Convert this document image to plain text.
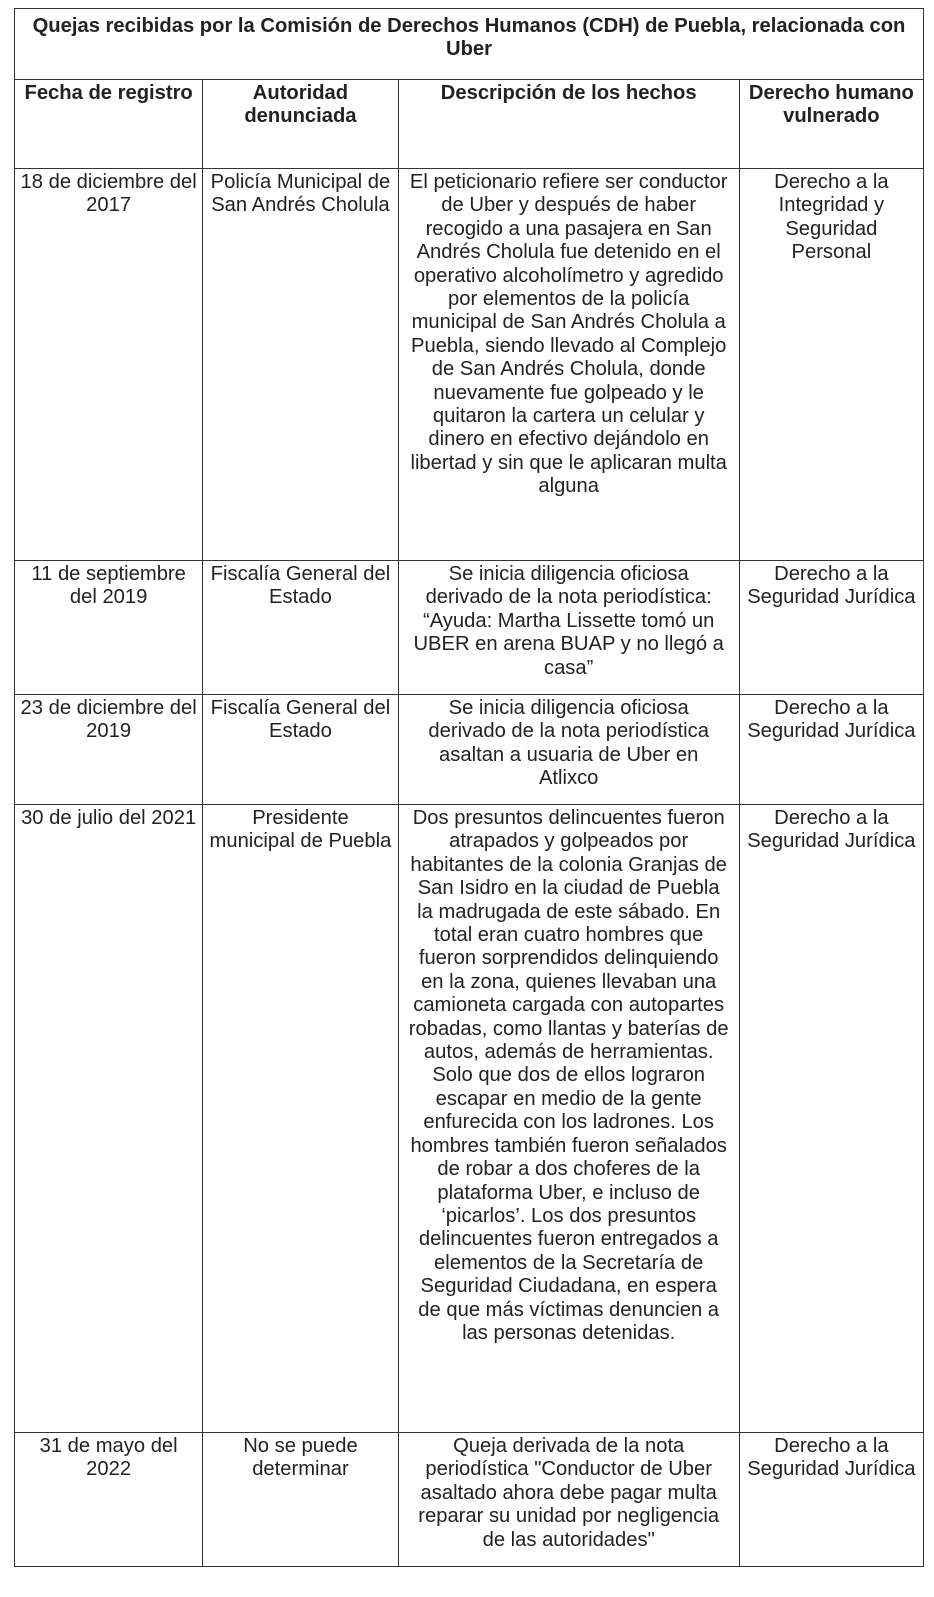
Quejas recibidas por la Comisión de Derechos Humanos (CDH) de Puebla, relacionada con Uber			
Fecha de registro	Autoridad denunciada	Descripción de los hechos	Derecho humano vulnerado
18 de diciembre del 2017	Policía Municipal de San Andrés Cholula	El peticionario refiere ser conductor de Uber y después de haber recogido a una pasajera en San Andrés Cholula fue detenido en el operativo alcoholímetro y agredido por elementos de la policía municipal de San Andrés Cholula a Puebla, siendo llevado al Complejo de San Andrés Cholula, donde nuevamente fue golpeado y le quitaron la cartera un celular y dinero en efectivo dejándolo en libertad y sin que le aplicaran multa alguna	Derecho a la Integridad y Seguridad Personal
11 de septiembre del 2019	Fiscalía General del Estado	Se inicia diligencia oficiosa derivado de la nota periodística: “Ayuda: Martha Lissette tomó un UBER en arena BUAP y no llegó a casa”	Derecho a la Seguridad Jurídica
23 de diciembre del 2019	Fiscalía General del Estado	Se inicia diligencia oficiosa derivado de la nota periodística asaltan a usuaria de Uber en Atlixco	Derecho a la Seguridad Jurídica
30 de julio del 2021	Presidente municipal de Puebla	Dos presuntos delincuentes fueron atrapados y golpeados por habitantes de la colonia Granjas de San Isidro en la ciudad de Puebla la madrugada de este sábado. En total eran cuatro hombres que fueron sorprendidos delinquiendo en la zona, quienes llevaban una camioneta cargada con autopartes robadas, como llantas y baterías de autos, además de herramientas. Solo que dos de ellos lograron escapar en medio de la gente enfurecida con los ladrones. Los hombres también fueron señalados de robar a dos choferes de la plataforma Uber, e incluso de ‘picarlos’. Los dos presuntos delincuentes fueron entregados a elementos de la Secretaría de Seguridad Ciudadana, en espera de que más víctimas denuncien a las personas detenidas.	Derecho a la Seguridad Jurídica
31 de mayo del 2022	No se puede determinar	Queja derivada de la nota periodística "Conductor de Uber asaltado ahora debe pagar multa reparar su unidad por negligencia de las autoridades"	Derecho a la Seguridad Jurídica
